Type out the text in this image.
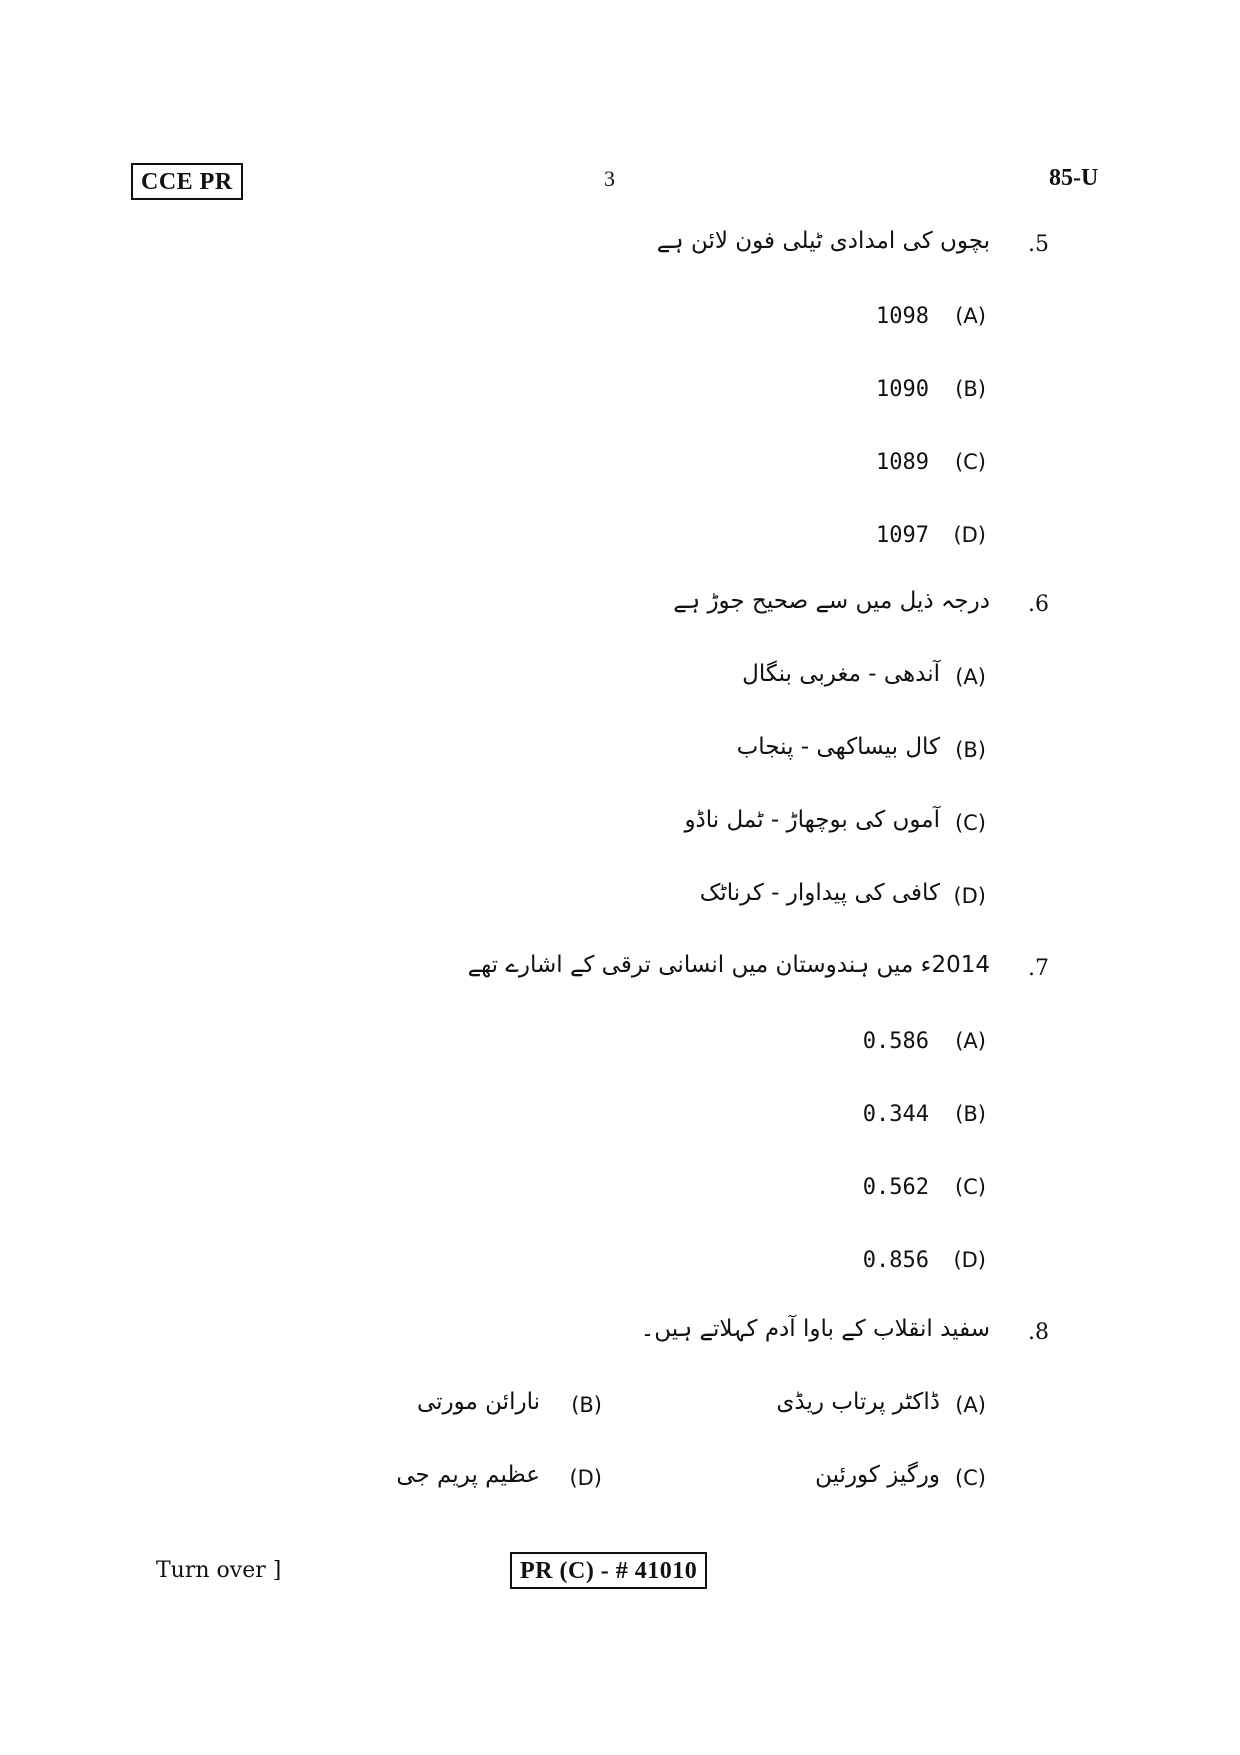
CCE PR	3	85-U
.5
بچوں کی امدادی ٹیلی فون لائن ہے
1098	(A)
1090	(B)
1089	(C)
1097	(D)
.6
درجہ ذیل میں سے صحیح جوڑ ہے
(A)
آندھی - مغربی بنگال
(B)
کال بیساکھی - پنجاب
(C)
آموں کی بوچھاڑ - ٹمل ناڈو
(D)
کافی کی پیداوار - کرناٹک
.7
2014ء میں ہندوستان میں انسانی ترقی کے اشارے تھے
0.586	(A)
0.344	(B)
0.562	(C)
0.856	(D)
.8
سفید انقلاب کے باوا آدم کہلاتے ہیں۔
(A)
ڈاکٹر پرتاب ریڈی
(B)
نارائن مورتی
(C)
ورگیز کورئین
(D)
عظیم پریم جی
Turn over ]	PR (C) - # 41010
